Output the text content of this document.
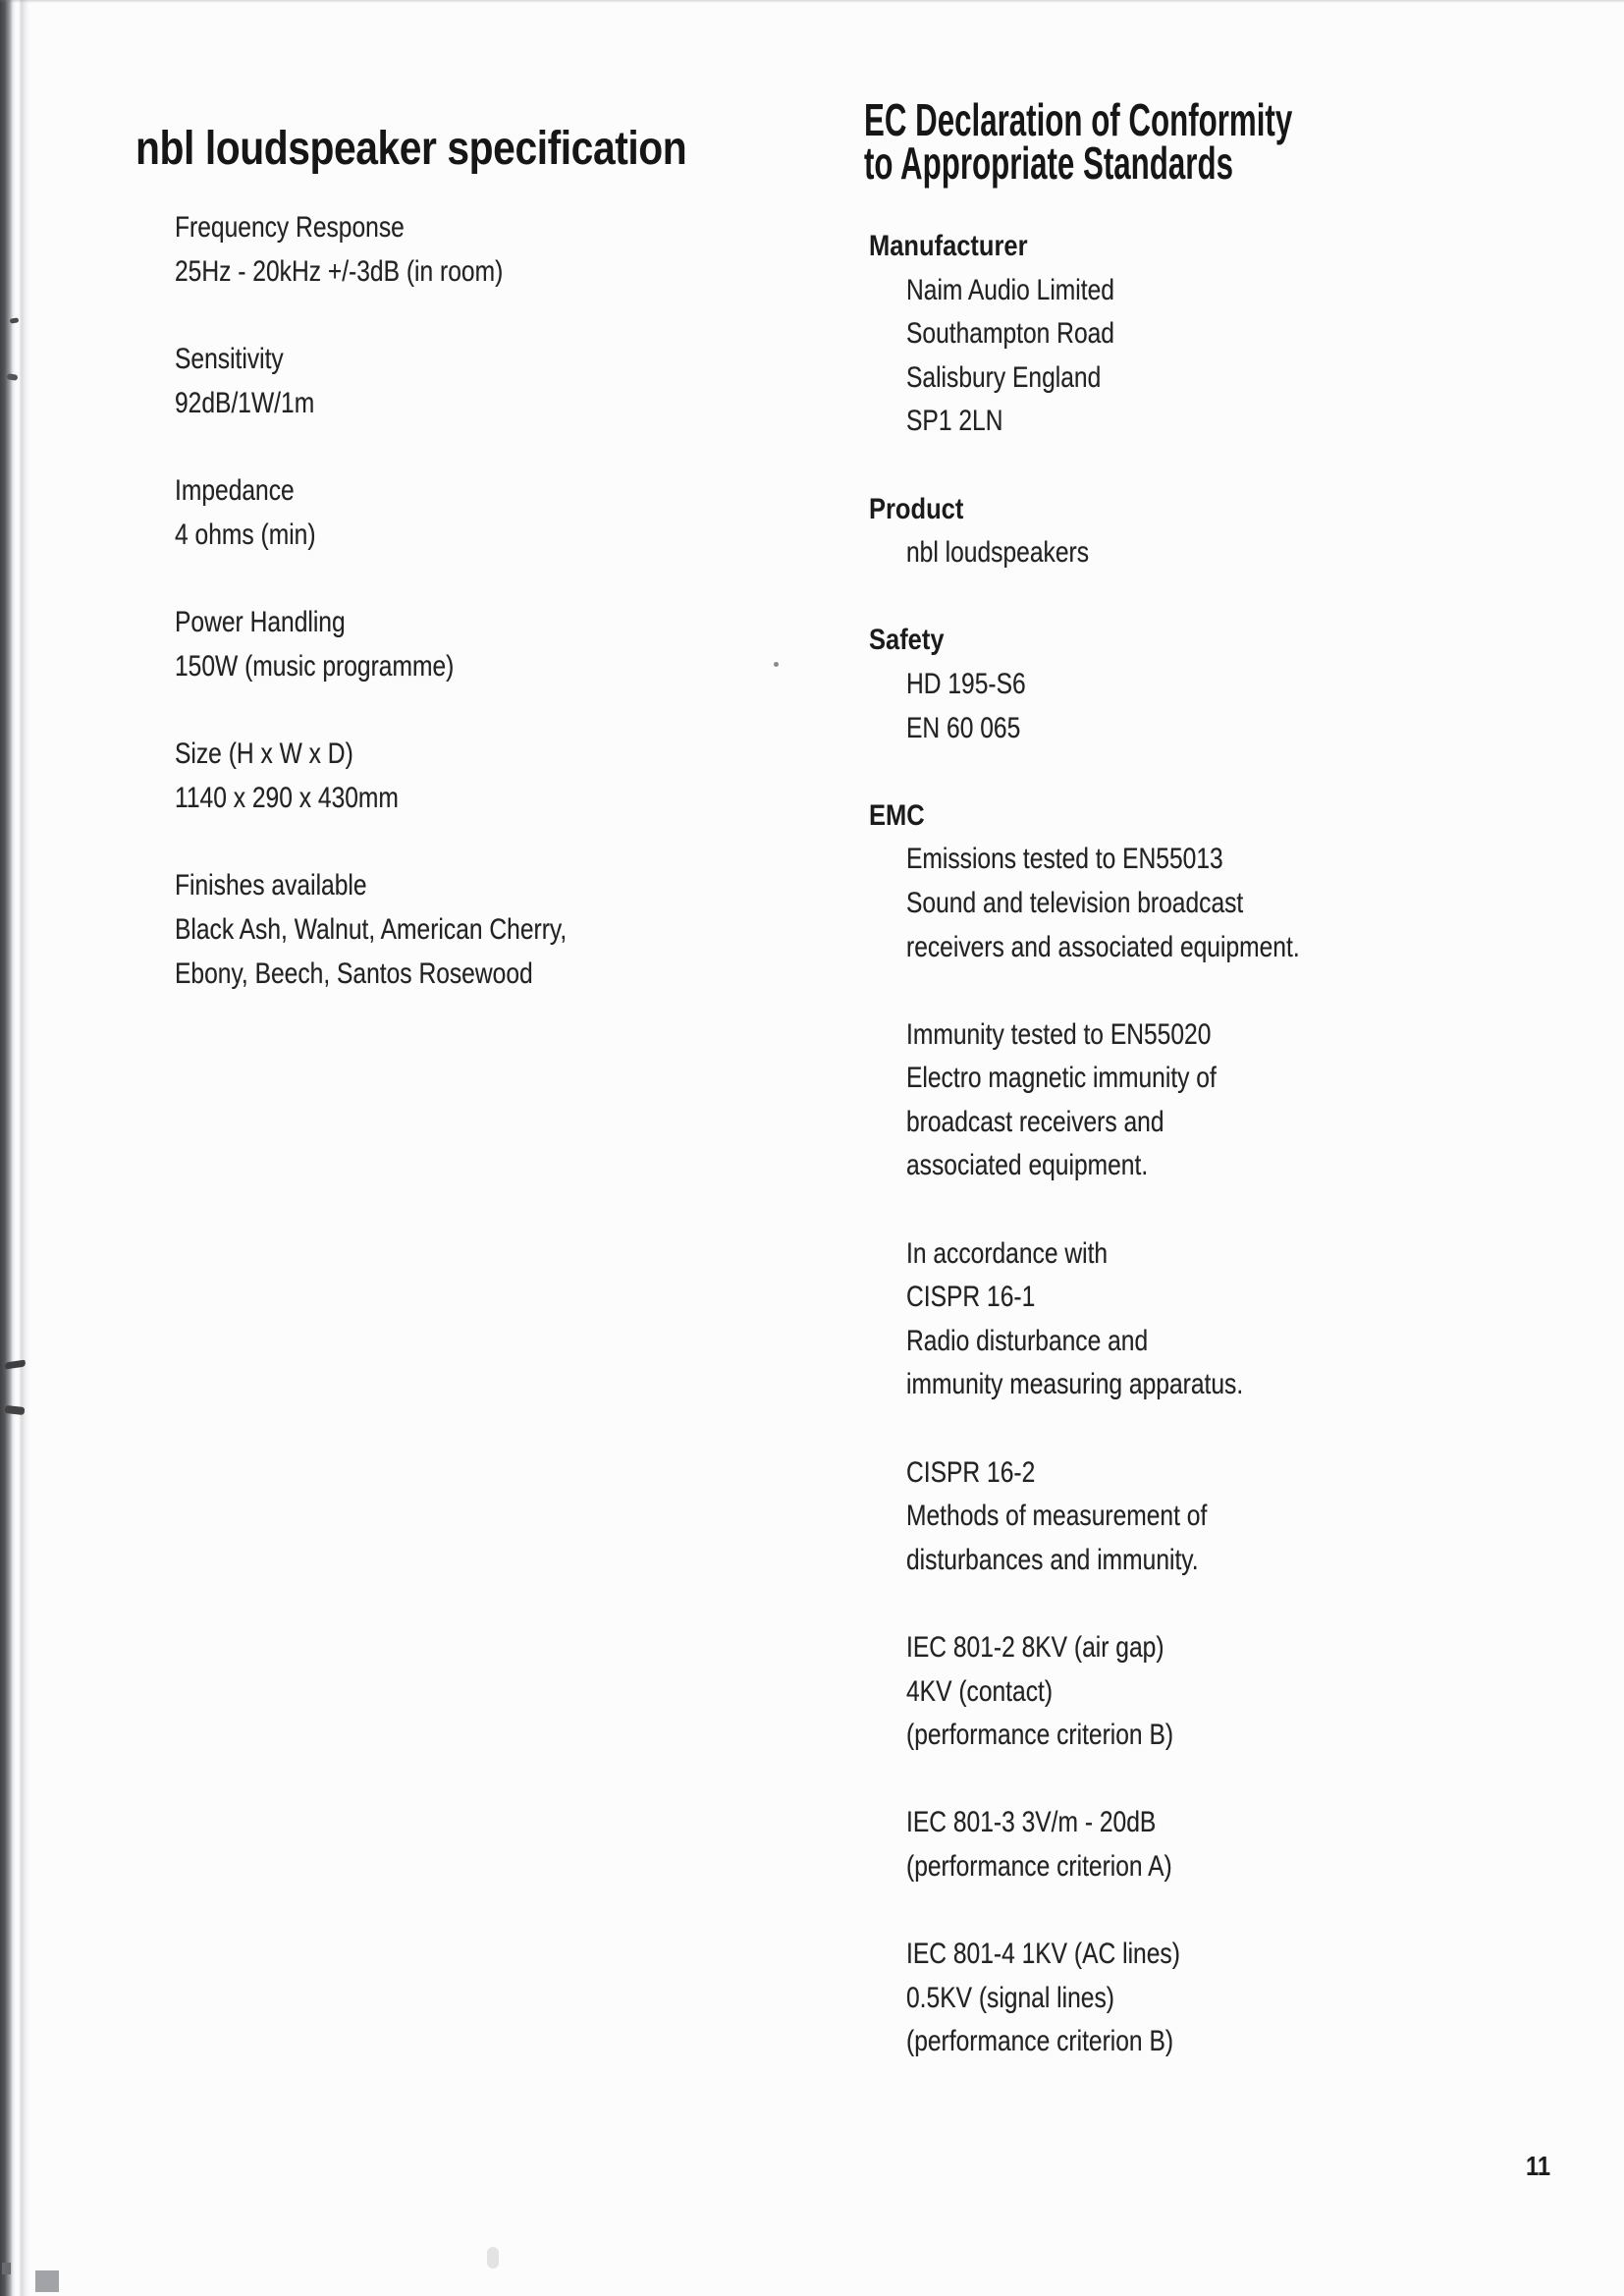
nbl loudspeaker specification
EC Declaration of Conformity
to Appropriate Standards
Frequency Response
25Hz - 20kHz +/-3dB (in room)
Sensitivity
92dB/1W/1m
Impedance
4 ohms (min)
Power Handling
150W (music programme)
Size (H x W x D)
1140 x 290 x 430mm
Finishes available
Black Ash, Walnut, American Cherry,
Ebony, Beech, Santos Rosewood
Manufacturer
Naim Audio Limited
Southampton Road
Salisbury England
SP1 2LN
Product
nbl loudspeakers
Safety
HD 195-S6
EN 60 065
EMC
Emissions tested to EN55013
Sound and television broadcast
receivers and associated equipment.
Immunity tested to EN55020
Electro magnetic immunity of
broadcast receivers and
associated equipment.
In accordance with
CISPR 16-1
Radio disturbance and
immunity measuring apparatus.
CISPR 16-2
Methods of measurement of
disturbances and immunity.
IEC 801-2 8KV (air gap)
4KV (contact)
(performance criterion B)
IEC 801-3 3V/m - 20dB
(performance criterion A)
IEC 801-4 1KV (AC lines)
0.5KV (signal lines)
(performance criterion B)
11
